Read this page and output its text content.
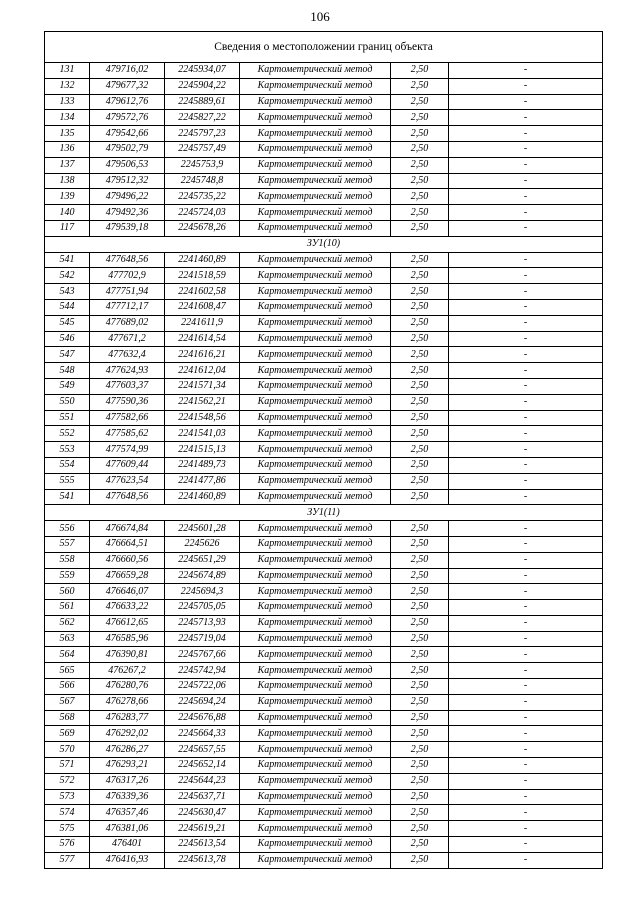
106
Сведения о местоположении границ объекта					
131	479716,02	2245934,07	Картометрический метод	2,50	-
132	479677,32	2245904,22	Картометрический метод	2,50	-
133	479612,76	2245889,61	Картометрический метод	2,50	-
134	479572,76	2245827,22	Картометрический метод	2,50	-
135	479542,66	2245797,23	Картометрический метод	2,50	-
136	479502,79	2245757,49	Картометрический метод	2,50	-
137	479506,53	2245753,9	Картометрический метод	2,50	-
138	479512,32	2245748,8	Картометрический метод	2,50	-
139	479496,22	2245735,22	Картометрический метод	2,50	-
140	479492,36	2245724,03	Картометрический метод	2,50	-
117	479539,18	2245678,26	Картометрический метод	2,50	-
ЗУ1(10)					
541	477648,56	2241460,89	Картометрический метод	2,50	-
542	477702,9	2241518,59	Картометрический метод	2,50	-
543	477751,94	2241602,58	Картометрический метод	2,50	-
544	477712,17	2241608,47	Картометрический метод	2,50	-
545	477689,02	2241611,9	Картометрический метод	2,50	-
546	477671,2	2241614,54	Картометрический метод	2,50	-
547	477632,4	2241616,21	Картометрический метод	2,50	-
548	477624,93	2241612,04	Картометрический метод	2,50	-
549	477603,37	2241571,34	Картометрический метод	2,50	-
550	477590,36	2241562,21	Картометрический метод	2,50	-
551	477582,66	2241548,56	Картометрический метод	2,50	-
552	477585,62	2241541,03	Картометрический метод	2,50	-
553	477574,99	2241515,13	Картометрический метод	2,50	-
554	477609,44	2241489,73	Картометрический метод	2,50	-
555	477623,54	2241477,86	Картометрический метод	2,50	-
541	477648,56	2241460,89	Картометрический метод	2,50	-
ЗУ1(11)					
556	476674,84	2245601,28	Картометрический метод	2,50	-
557	476664,51	2245626	Картометрический метод	2,50	-
558	476660,56	2245651,29	Картометрический метод	2,50	-
559	476659,28	2245674,89	Картометрический метод	2,50	-
560	476646,07	2245694,3	Картометрический метод	2,50	-
561	476633,22	2245705,05	Картометрический метод	2,50	-
562	476612,65	2245713,93	Картометрический метод	2,50	-
563	476585,96	2245719,04	Картометрический метод	2,50	-
564	476390,81	2245767,66	Картометрический метод	2,50	-
565	476267,2	2245742,94	Картометрический метод	2,50	-
566	476280,76	2245722,06	Картометрический метод	2,50	-
567	476278,66	2245694,24	Картометрический метод	2,50	-
568	476283,77	2245676,88	Картометрический метод	2,50	-
569	476292,02	2245664,33	Картометрический метод	2,50	-
570	476286,27	2245657,55	Картометрический метод	2,50	-
571	476293,21	2245652,14	Картометрический метод	2,50	-
572	476317,26	2245644,23	Картометрический метод	2,50	-
573	476339,36	2245637,71	Картометрический метод	2,50	-
574	476357,46	2245630,47	Картометрический метод	2,50	-
575	476381,06	2245619,21	Картометрический метод	2,50	-
576	476401	2245613,54	Картометрический метод	2,50	-
577	476416,93	2245613,78	Картометрический метод	2,50	-
